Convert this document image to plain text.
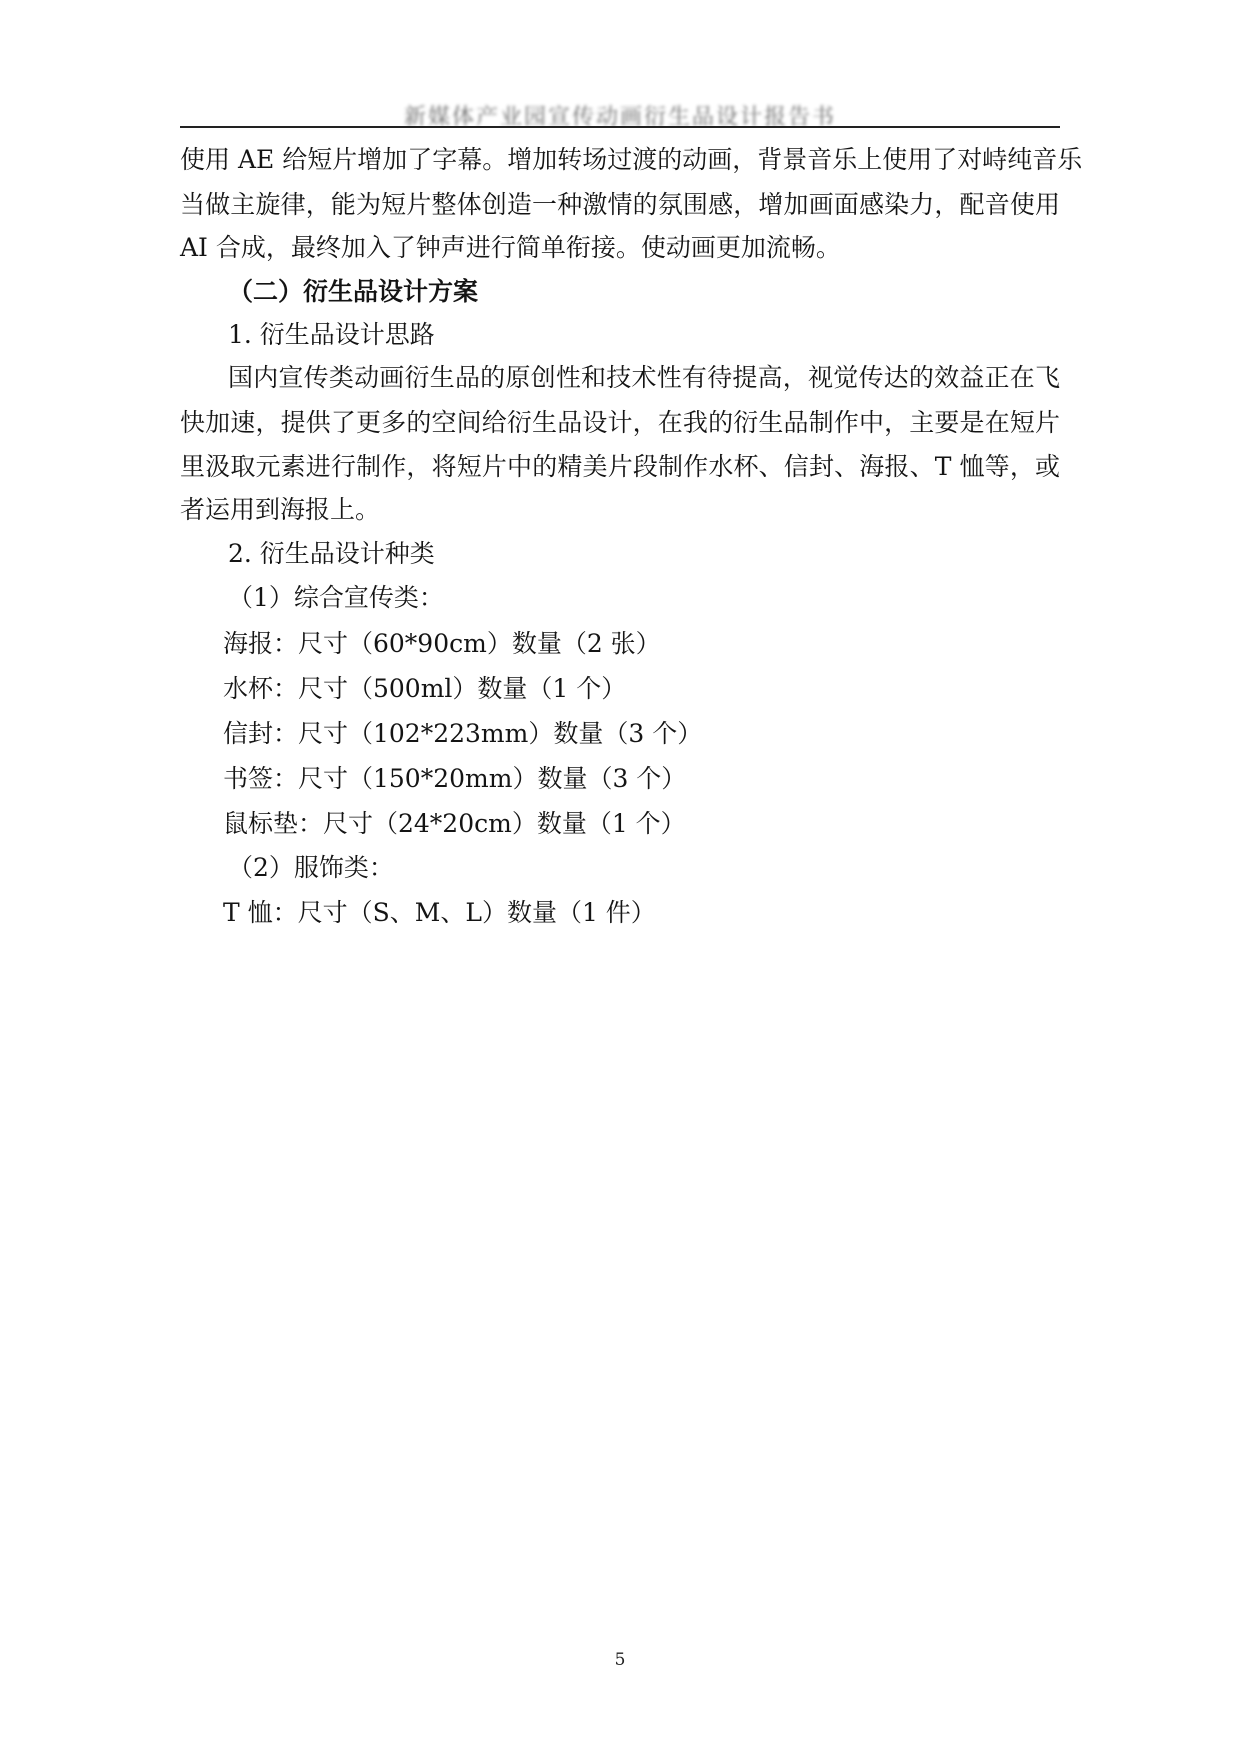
新媒体产业园宣传动画衍生品设计报告书
使用 AE 给短片增加了字幕。增加转场过渡的动画，背景音乐上使用了对峙纯音乐
当做主旋律，能为短片整体创造一种激情的氛围感，增加画面感染力，配音使用
AI 合成，最终加入了钟声进行简单衔接。使动画更加流畅。
（二）衍生品设计方案
1. 衍生品设计思路
国内宣传类动画衍生品的原创性和技术性有待提高，视觉传达的效益正在飞
快加速，提供了更多的空间给衍生品设计，在我的衍生品制作中，主要是在短片
里汲取元素进行制作，将短片中的精美片段制作水杯、信封、海报、T 恤等，或
者运用到海报上。
2. 衍生品设计种类
（1）综合宣传类：
海报：尺寸（60*90cm）数量（2 张）
水杯：尺寸（500ml）数量（1 个）
信封：尺寸（102*223mm）数量（3 个）
书签：尺寸（150*20mm）数量（3 个）
鼠标垫：尺寸（24*20cm）数量（1 个）
（2）服饰类：
T 恤：尺寸（S、M、L）数量（1 件）
5
